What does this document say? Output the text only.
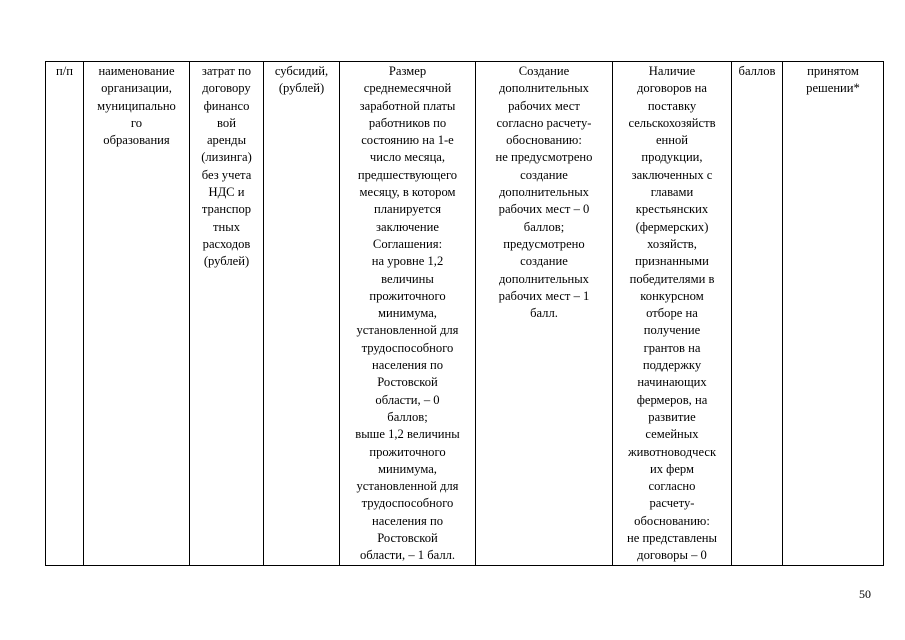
п/п	наименование
организации,
муниципально
го
образования	затрат по
договору
финансо
вой
аренды
(лизинга)
без учета
НДС и
транспор
тных
расходов
(рублей)	субсидий,
(рублей)	Размер
среднемесячной
заработной платы
работников по
состоянию на 1-е
число месяца,
предшествующего
месяцу, в котором
планируется
заключение
Соглашения:
на уровне 1,2
величины
прожиточного
минимума,
установленной для
трудоспособного
населения по
Ростовской
области, – 0
баллов;
выше 1,2 величины
прожиточного
минимума,
установленной для
трудоспособного
населения по
Ростовской
области, – 1 балл.	Создание
дополнительных
рабочих мест
согласно расчету-
обоснованию:
не предусмотрено
создание
дополнительных
рабочих мест – 0
баллов;
предусмотрено
создание
дополнительных
рабочих мест – 1
балл.	Наличие
договоров на
поставку
сельскохозяйств
енной
продукции,
заключенных с
главами
крестьянских
(фермерских)
хозяйств,
признанными
победителями в
конкурсном
отборе на
получение
грантов на
поддержку
начинающих
фермеров, на
развитие
семейных
животноводческ
их ферм
согласно
расчету-
обоснованию:
не представлены
договоры – 0	баллов	принятом
решении*
50
